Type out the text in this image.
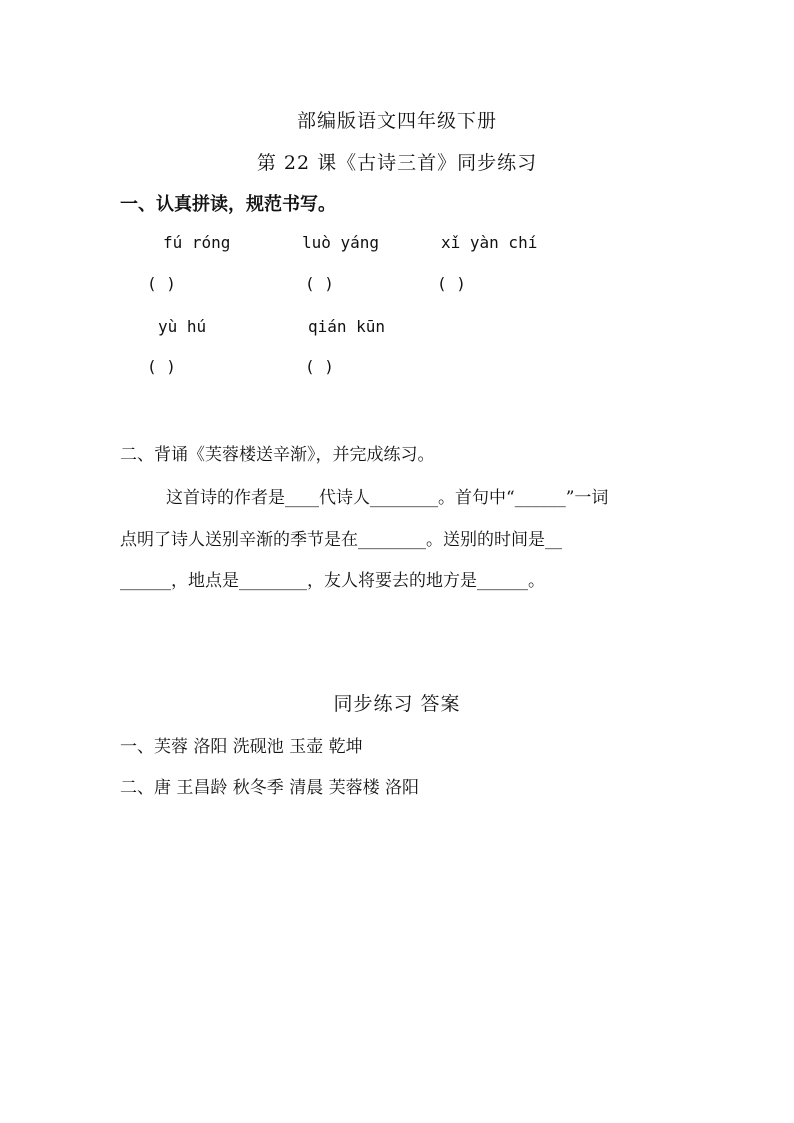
部编版语文四年级下册
第 22 课《古诗三首》同步练习
一、认真拼读，规范书写。
fú róng	luò yáng	xǐ yàn chí
( )	( )	( )
yù hú	qián kūn
( )	( )
二、背诵《芙蓉楼送辛渐》，并完成练习。
这首诗的作者是____代诗人________。首句中“______”一词
点明了诗人送别辛渐的季节是在________。送别的时间是__
______，地点是________，友人将要去的地方是______。
同步练习 答案
一、芙蓉 洛阳 洗砚池 玉壶 乾坤
二、唐 王昌龄 秋冬季 清晨 芙蓉楼 洛阳
